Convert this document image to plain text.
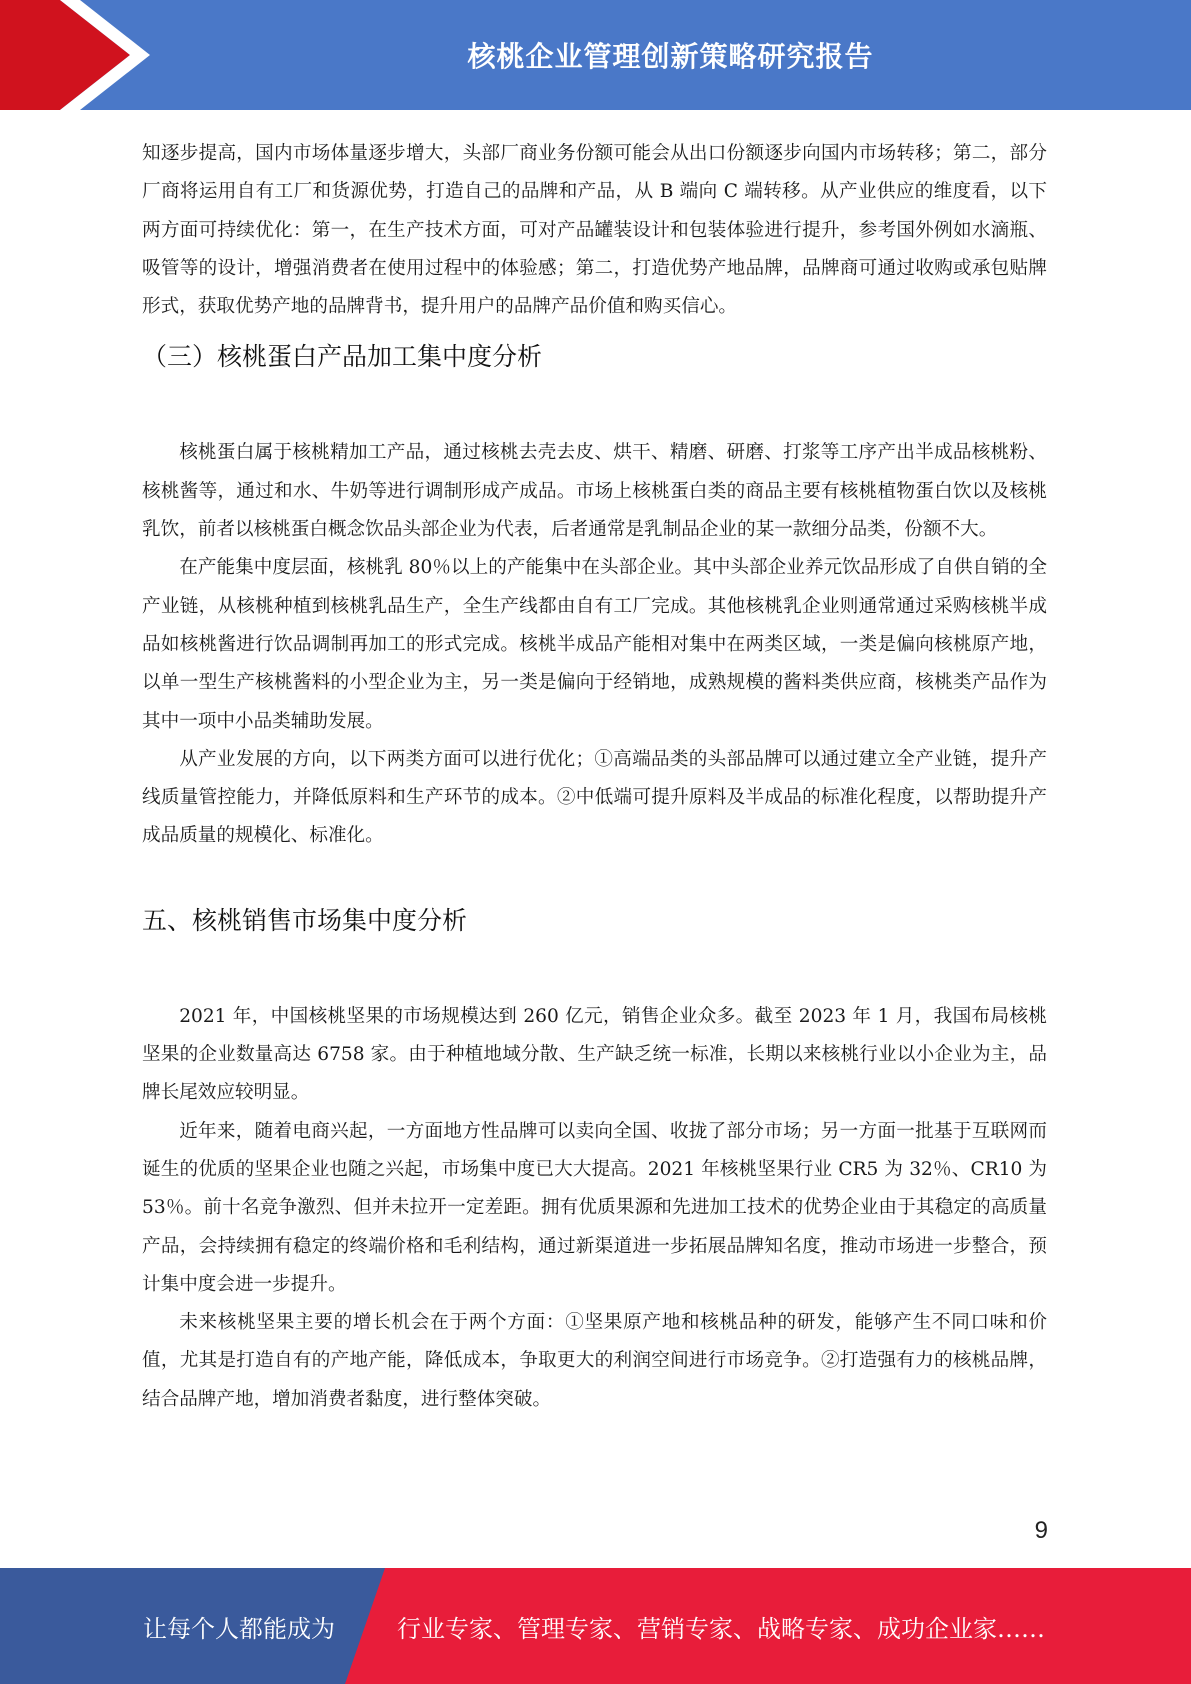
核桃企业管理创新策略研究报告

知逐步提高，国内市场体量逐步增大，头部厂商业务份额可能会从出口份额逐步向国内市场转移；第二，部分厂商将运用自有工厂和货源优势，打造自己的品牌和产品，从 B 端向 C 端转移。从产业供应的维度看，以下两方面可持续优化：第一，在生产技术方面，可对产品罐装设计和包装体验进行提升，参考国外例如水滴瓶、吸管等的设计，增强消费者在使用过程中的体验感；第二，打造优势产地品牌，品牌商可通过收购或承包贴牌形式，获取优势产地的品牌背书，提升用户的品牌产品价值和购买信心。

（三）核桃蛋白产品加工集中度分析

核桃蛋白属于核桃精加工产品，通过核桃去壳去皮、烘干、精磨、研磨、打浆等工序产出半成品核桃粉、核桃酱等，通过和水、牛奶等进行调制形成产成品。市场上核桃蛋白类的商品主要有核桃植物蛋白饮以及核桃乳饮，前者以核桃蛋白概念饮品头部企业为代表，后者通常是乳制品企业的某一款细分品类，份额不大。

在产能集中度层面，核桃乳 80％以上的产能集中在头部企业。其中头部企业养元饮品形成了自供自销的全产业链，从核桃种植到核桃乳品生产，全生产线都由自有工厂完成。其他核桃乳企业则通常通过采购核桃半成品如核桃酱进行饮品调制再加工的形式完成。核桃半成品产能相对集中在两类区域，一类是偏向核桃原产地，以单一型生产核桃酱料的小型企业为主，另一类是偏向于经销地，成熟规模的酱料类供应商，核桃类产品作为其中一项中小品类辅助发展。

从产业发展的方向，以下两类方面可以进行优化；①高端品类的头部品牌可以通过建立全产业链，提升产线质量管控能力，并降低原料和生产环节的成本。②中低端可提升原料及半成品的标准化程度，以帮助提升产成品质量的规模化、标准化。

五、核桃销售市场集中度分析

2021 年，中国核桃坚果的市场规模达到 260 亿元，销售企业众多。截至 2023 年 1 月，我国布局核桃坚果的企业数量高达 6758 家。由于种植地域分散、生产缺乏统一标准，长期以来核桃行业以小企业为主，品牌长尾效应较明显。

近年来，随着电商兴起，一方面地方性品牌可以卖向全国、收拢了部分市场；另一方面一批基于互联网而诞生的优质的坚果企业也随之兴起，市场集中度已大大提高。2021 年核桃坚果行业 CR5 为 32％、CR10 为 53％。前十名竞争激烈、但并未拉开一定差距。拥有优质果源和先进加工技术的优势企业由于其稳定的高质量产品，会持续拥有稳定的终端价格和毛利结构，通过新渠道进一步拓展品牌知名度，推动市场进一步整合，预计集中度会进一步提升。

未来核桃坚果主要的增长机会在于两个方面：①坚果原产地和核桃品种的研发，能够产生不同口味和价值，尤其是打造自有的产地产能，降低成本，争取更大的利润空间进行市场竞争。②打造强有力的核桃品牌，结合品牌产地，增加消费者黏度，进行整体突破。

9
让每个人都能成为	行业专家、管理专家、营销专家、战略专家、成功企业家……
